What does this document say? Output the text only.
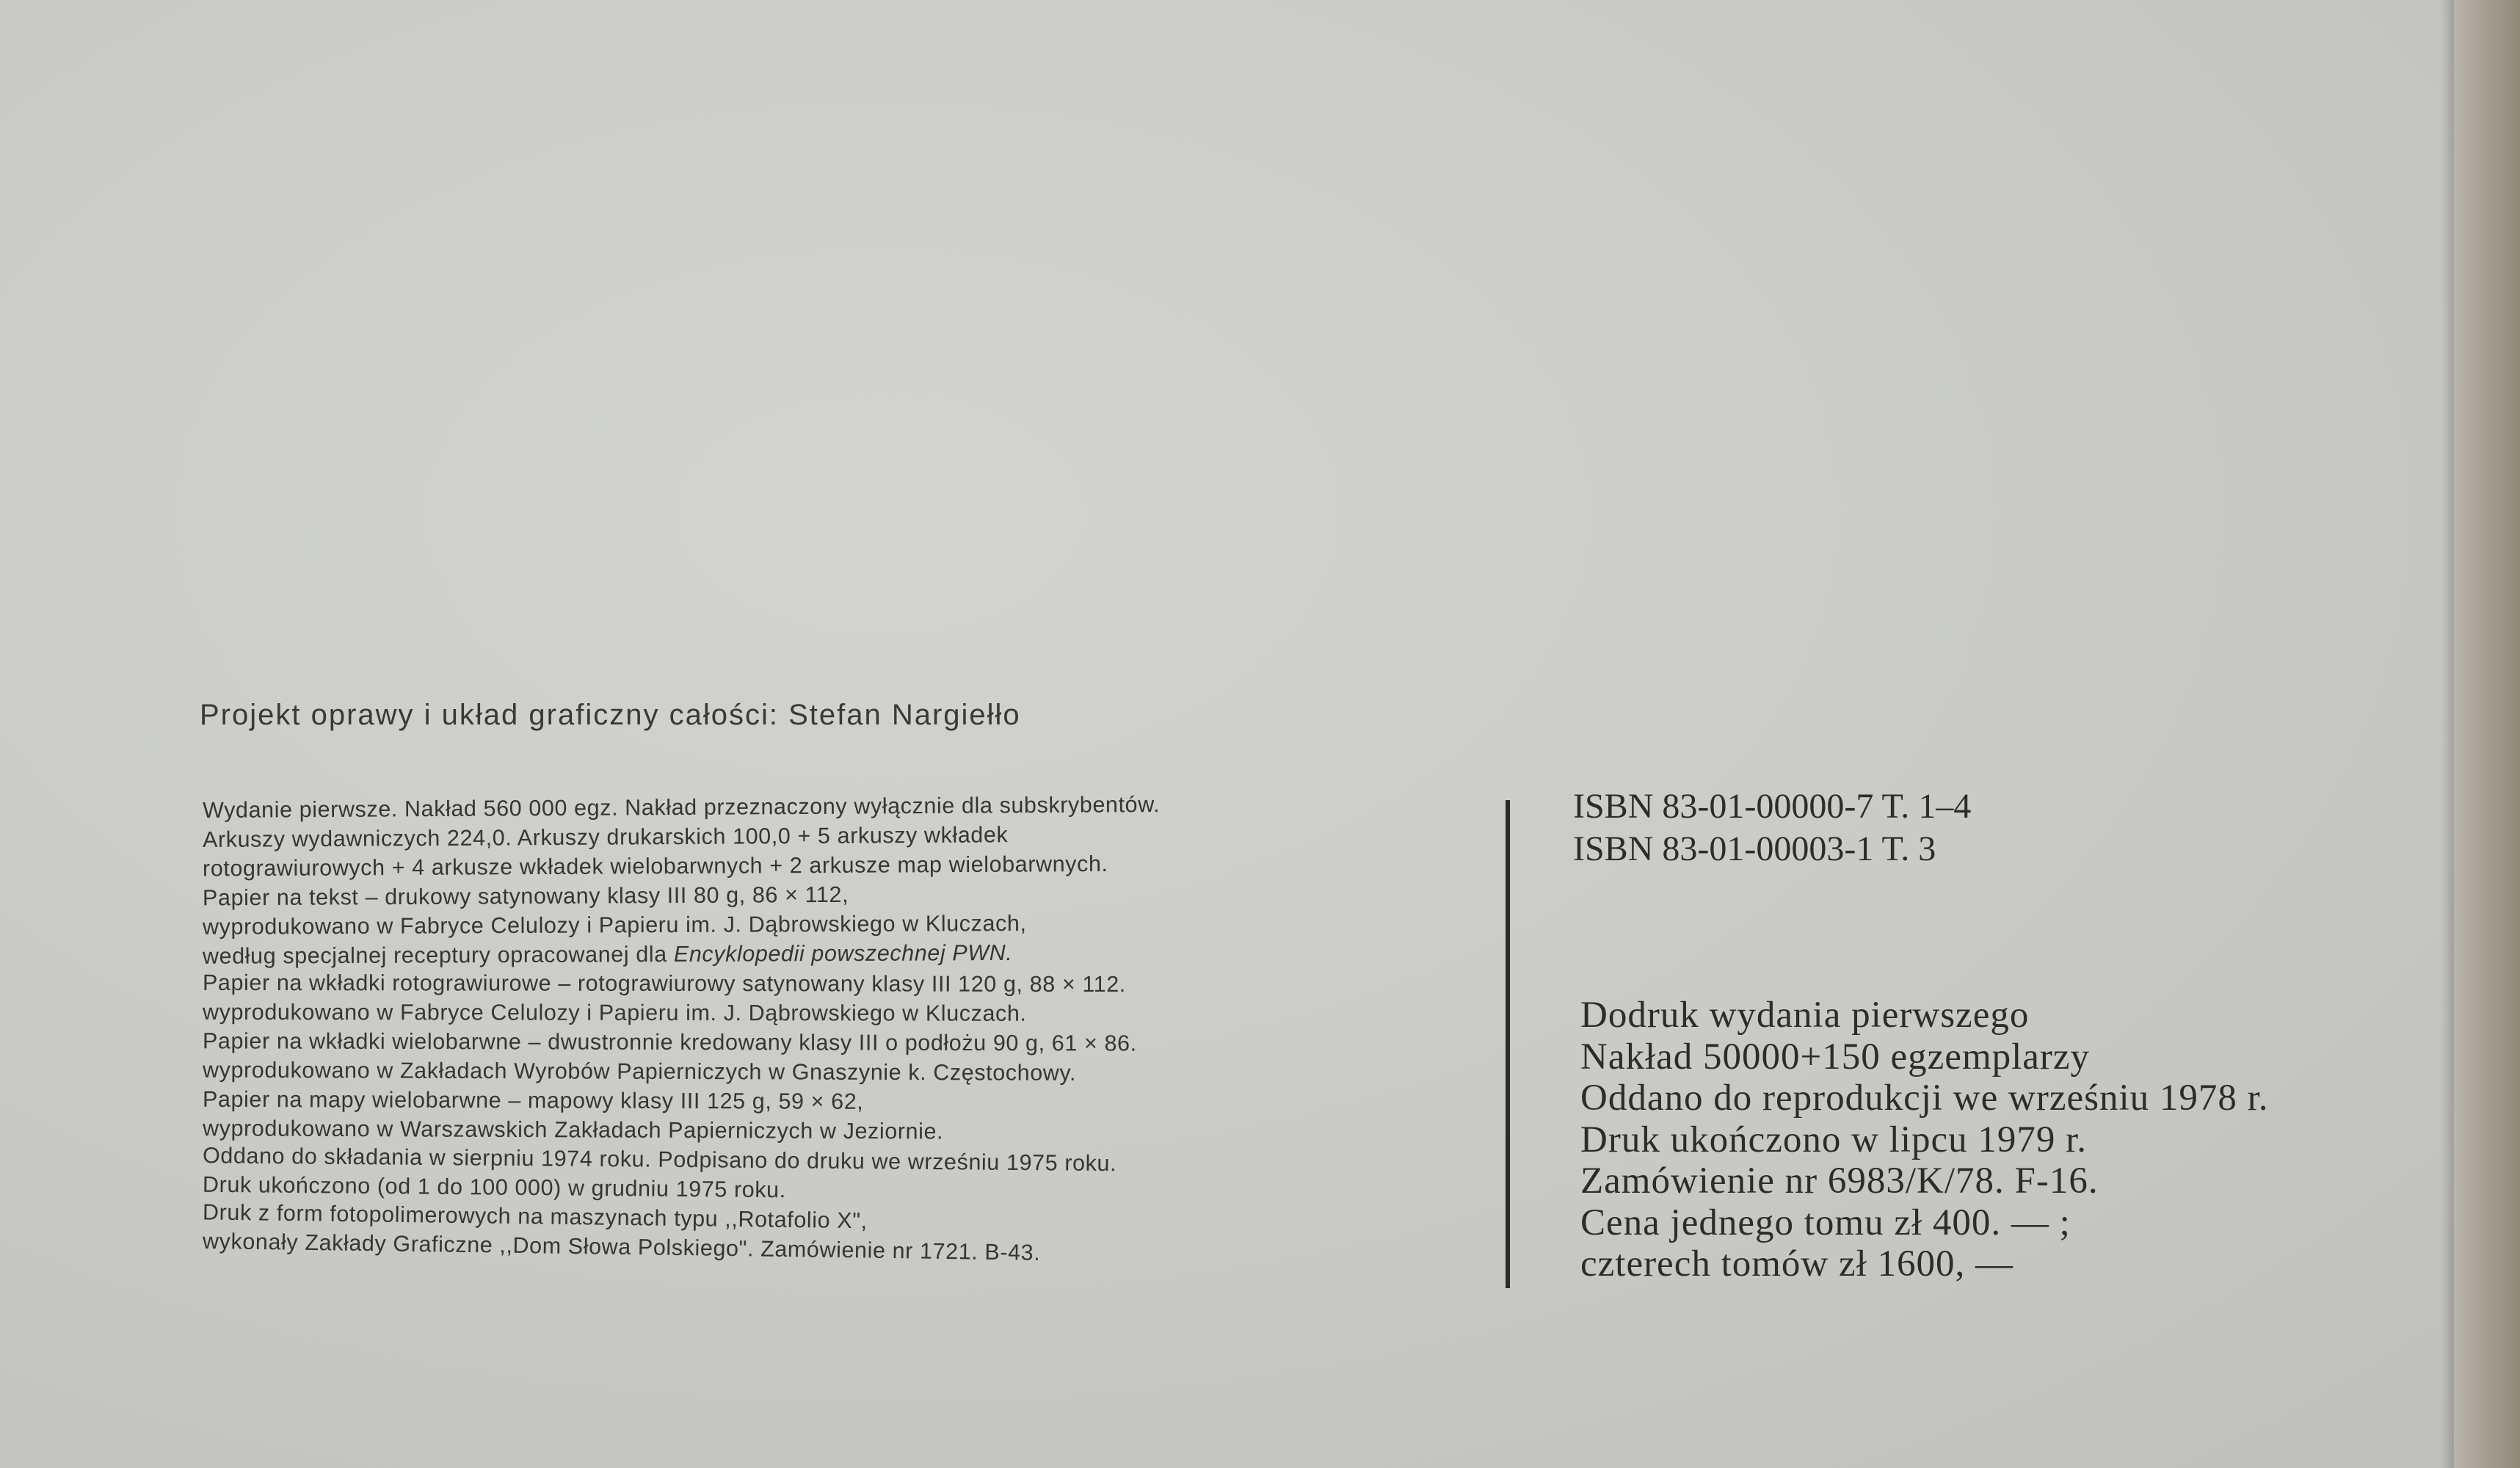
Projekt oprawy i układ graficzny całości: Stefan Nargiełło
Wydanie pierwsze. Nakład 560 000 egz. Nakład przeznaczony wyłącznie dla subskrybentów.
Arkuszy wydawniczych 224,0. Arkuszy drukarskich 100,0 + 5 arkuszy wkładek
rotograwiurowych + 4 arkusze wkładek wielobarwnych + 2 arkusze map wielobarwnych.
Papier na tekst – drukowy satynowany klasy III 80 g, 86 × 112,
wyprodukowano w Fabryce Celulozy i Papieru im. J. Dąbrowskiego w Kluczach,
według specjalnej receptury opracowanej dla Encyklopedii powszechnej PWN.
Papier na wkładki rotograwiurowe – rotograwiurowy satynowany klasy III 120 g, 88 × 112.
wyprodukowano w Fabryce Celulozy i Papieru im. J. Dąbrowskiego w Kluczach.
Papier na wkładki wielobarwne – dwustronnie kredowany klasy III o podłożu 90 g, 61 × 86.
wyprodukowano w Zakładach Wyrobów Papierniczych w Gnaszynie k. Częstochowy.
Papier na mapy wielobarwne – mapowy klasy III 125 g, 59 × 62,
wyprodukowano w Warszawskich Zakładach Papierniczych w Jeziornie.
Oddano do składania w sierpniu 1974 roku. Podpisano do druku we wrześniu 1975 roku.
Druk ukończono (od 1 do 100 000) w grudniu 1975 roku.
Druk z form fotopolimerowych na maszynach typu ,,Rotafolio X",
wykonały Zakłady Graficzne ,,Dom Słowa Polskiego". Zamówienie nr 1721. B-43.
ISBN 83-01-00000-7 T. 1–4
ISBN 83-01-00003-1 T. 3
Dodruk wydania pierwszego
Nakład 50000+150 egzemplarzy
Oddano do reprodukcji we wrześniu 1978 r.
Druk ukończono w lipcu 1979 r.
Zamówienie nr 6983/K/78. F-16.
Cena jednego tomu zł 400. — ;
czterech tomów zł 1600, —
